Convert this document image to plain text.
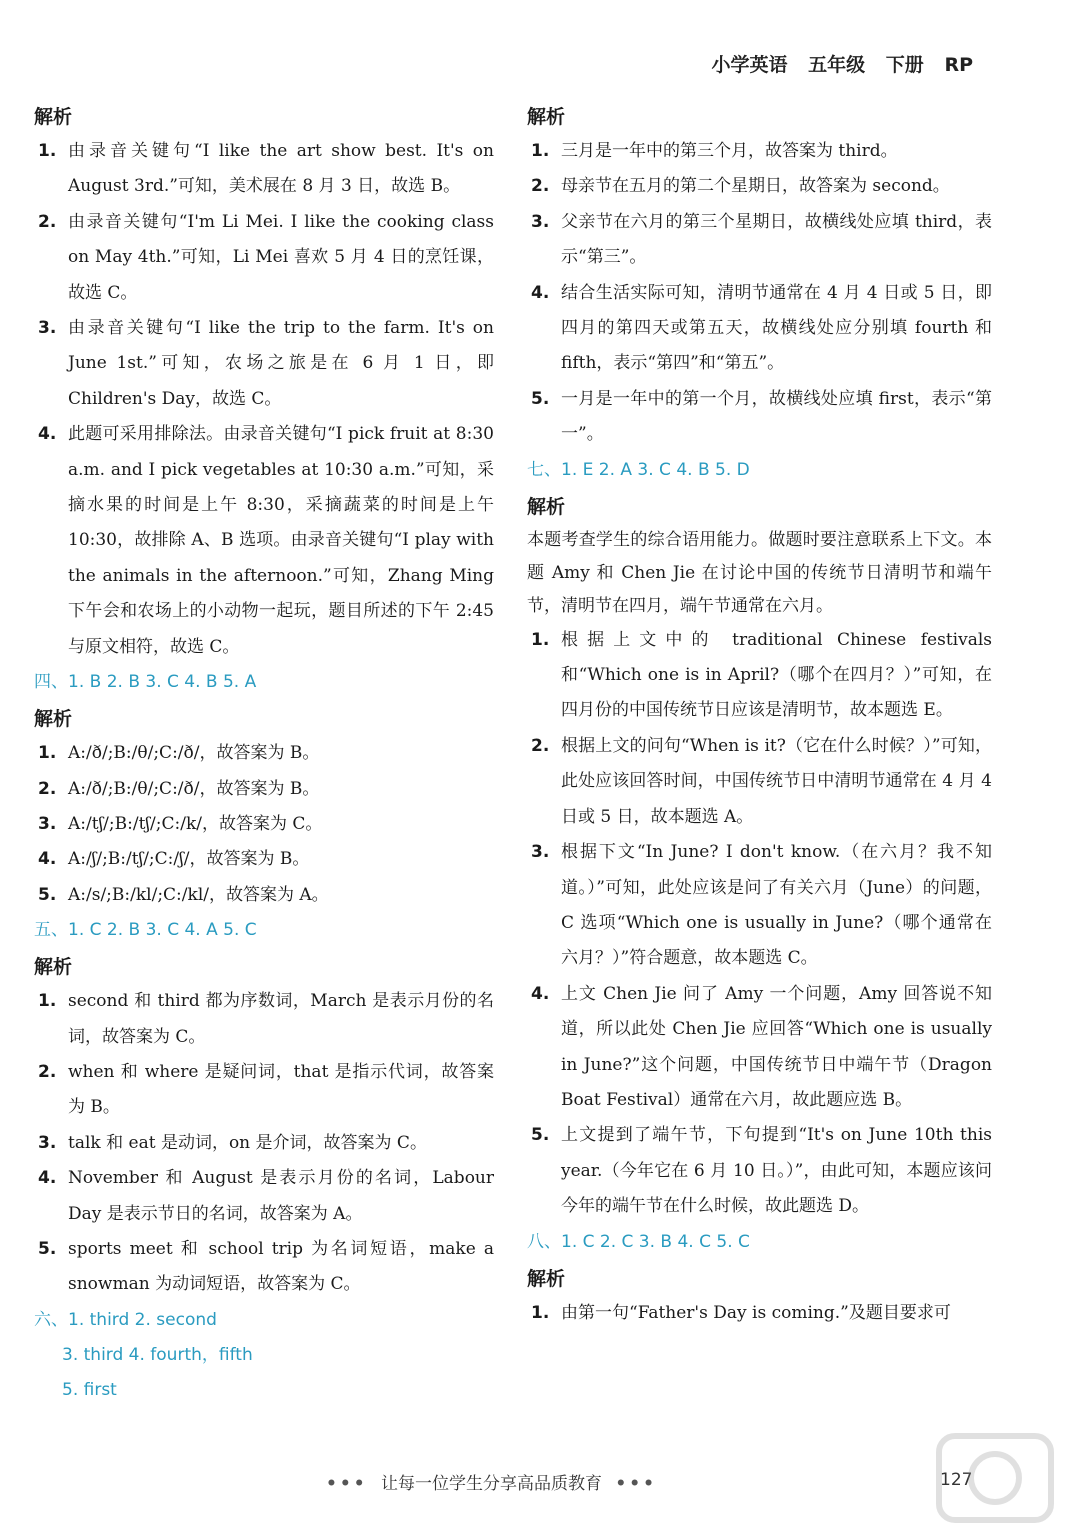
小学英语 五年级 下册 RP
解析
1. 由录音关键句“I like the art show best. It's on August 3rd.”可知，美术展在 8 月 3 日，故选 B。
2. 由录音关键句“I'm Li Mei. I like the cooking class on May 4th.”可知，Li Mei 喜欢 5 月 4 日的烹饪课，故选 C。
3. 由录音关键句“I like the trip to the farm. It's on June 1st.”可知，农场之旅是在 6 月 1 日，即 Children's Day，故选 C。
4. 此题可采用排除法。由录音关键句“I pick fruit at 8:30 a.m. and I pick vegetables at 10:30 a.m.”可知，采摘水果的时间是上午 8:30，采摘蔬菜的时间是上午 10:30，故排除 A、B 选项。由录音关键句“I play with the animals in the afternoon.”可知，Zhang Ming 下午会和农场上的小动物一起玩，题目所述的下午 2:45 与原文相符，故选 C。
四、1. B 2. B 3. C 4. B 5. A
解析
1. A:/ð/;B:/θ/;C:/ð/，故答案为 B。
2. A:/ð/;B:/θ/;C:/ð/，故答案为 B。
3. A:/tʃ/;B:/tʃ/;C:/k/，故答案为 C。
4. A:/ʃ/;B:/tʃ/;C:/ʃ/，故答案为 B。
5. A:/s/;B:/kl/;C:/kl/，故答案为 A。
五、1. C 2. B 3. C 4. A 5. C
解析
1. second 和 third 都为序数词，March 是表示月份的名词，故答案为 C。
2. when 和 where 是疑问词，that 是指示代词，故答案为 B。
3. talk 和 eat 是动词，on 是介词，故答案为 C。
4. November 和 August 是表示月份的名词，Labour Day 是表示节日的名词，故答案为 A。
5. sports meet 和 school trip 为名词短语，make a snowman 为动词短语，故答案为 C。
六、1. third 2. second
3. third 4. fourth，fifth
5. first
解析
1. 三月是一年中的第三个月，故答案为 third。
2. 母亲节在五月的第二个星期日，故答案为 second。
3. 父亲节在六月的第三个星期日，故横线处应填 third，表示“第三”。
4. 结合生活实际可知，清明节通常在 4 月 4 日或 5 日，即四月的第四天或第五天，故横线处应分别填 fourth 和 fifth，表示“第四”和“第五”。
5. 一月是一年中的第一个月，故横线处应填 first，表示“第一”。
七、1. E 2. A 3. C 4. B 5. D
解析
本题考查学生的综合语用能力。做题时要注意联系上下文。本题 Amy 和 Chen Jie 在讨论中国的传统节日清明节和端午节，清明节在四月，端午节通常在六月。
1. 根据上文中的 traditional Chinese festivals 和“Which one is in April?（哪个在四月？）”可知，在四月份的中国传统节日应该是清明节，故本题选 E。
2. 根据上文的问句“When is it?（它在什么时候？）”可知，此处应该回答时间，中国传统节日中清明节通常在 4 月 4 日或 5 日，故本题选 A。
3. 根据下文“In June? I don't know.（在六月？我不知道。）”可知，此处应该是问了有关六月（June）的问题，C 选项“Which one is usually in June?（哪个通常在六月？）”符合题意，故本题选 C。
4. 上文 Chen Jie 问了 Amy 一个问题，Amy 回答说不知道，所以此处 Chen Jie 应回答“Which one is usually in June?”这个问题，中国传统节日中端午节（Dragon Boat Festival）通常在六月，故此题应选 B。
5. 上文提到了端午节，下句提到“It's on June 10th this year.（今年它在 6 月 10 日。）”，由此可知，本题应该问今年的端午节在什么时候，故此题选 D。
八、1. C 2. C 3. B 4. C 5. C
解析
1. 由第一句“Father's Day is coming.”及题目要求可
••• 让每一位学生分享高品质教育 •••	127
